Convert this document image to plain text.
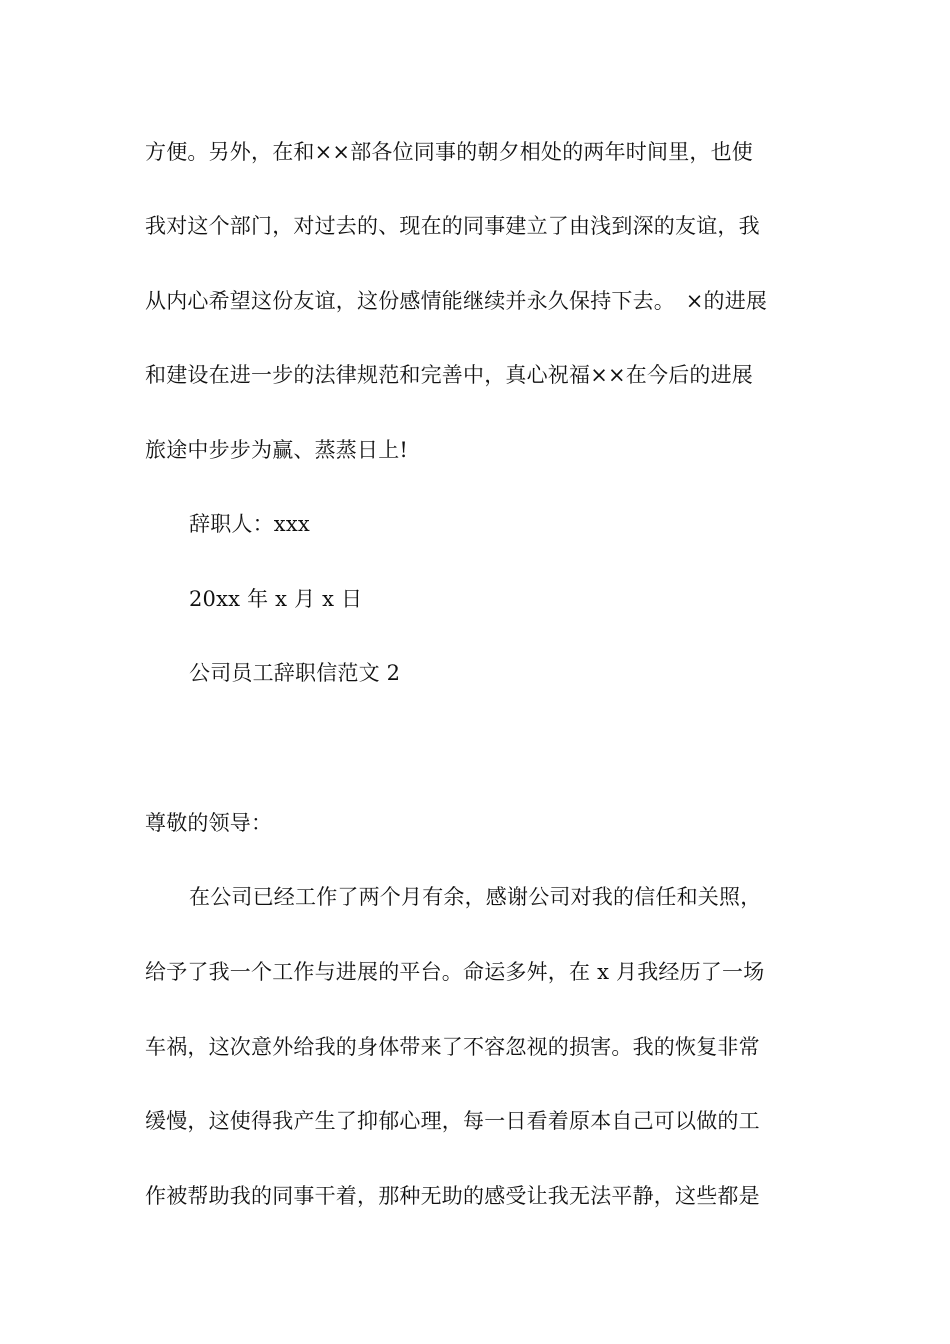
方便。另外，在和××部各位同事的朝夕相处的两年时间里，也使
我对这个部门，对过去的、现在的同事建立了由浅到深的友谊，我
从内心希望这份友谊，这份感情能继续并永久保持下去。　×的进展
和建设在进一步的法律规范和完善中，真心祝福××在今后的进展
旅途中步步为赢、蒸蒸日上!
辞职人：xxx
20xx 年 x 月 x 日
公司员工辞职信范文 2
尊敬的领导：
在公司已经工作了两个月有余，感谢公司对我的信任和关照，
给予了我一个工作与进展的平台。命运多舛，在 x 月我经历了一场
车祸，这次意外给我的身体带来了不容忽视的损害。我的恢复非常
缓慢，这使得我产生了抑郁心理，每一日看着原本自己可以做的工
作被帮助我的同事干着，那种无助的感受让我无法平静，这些都是
